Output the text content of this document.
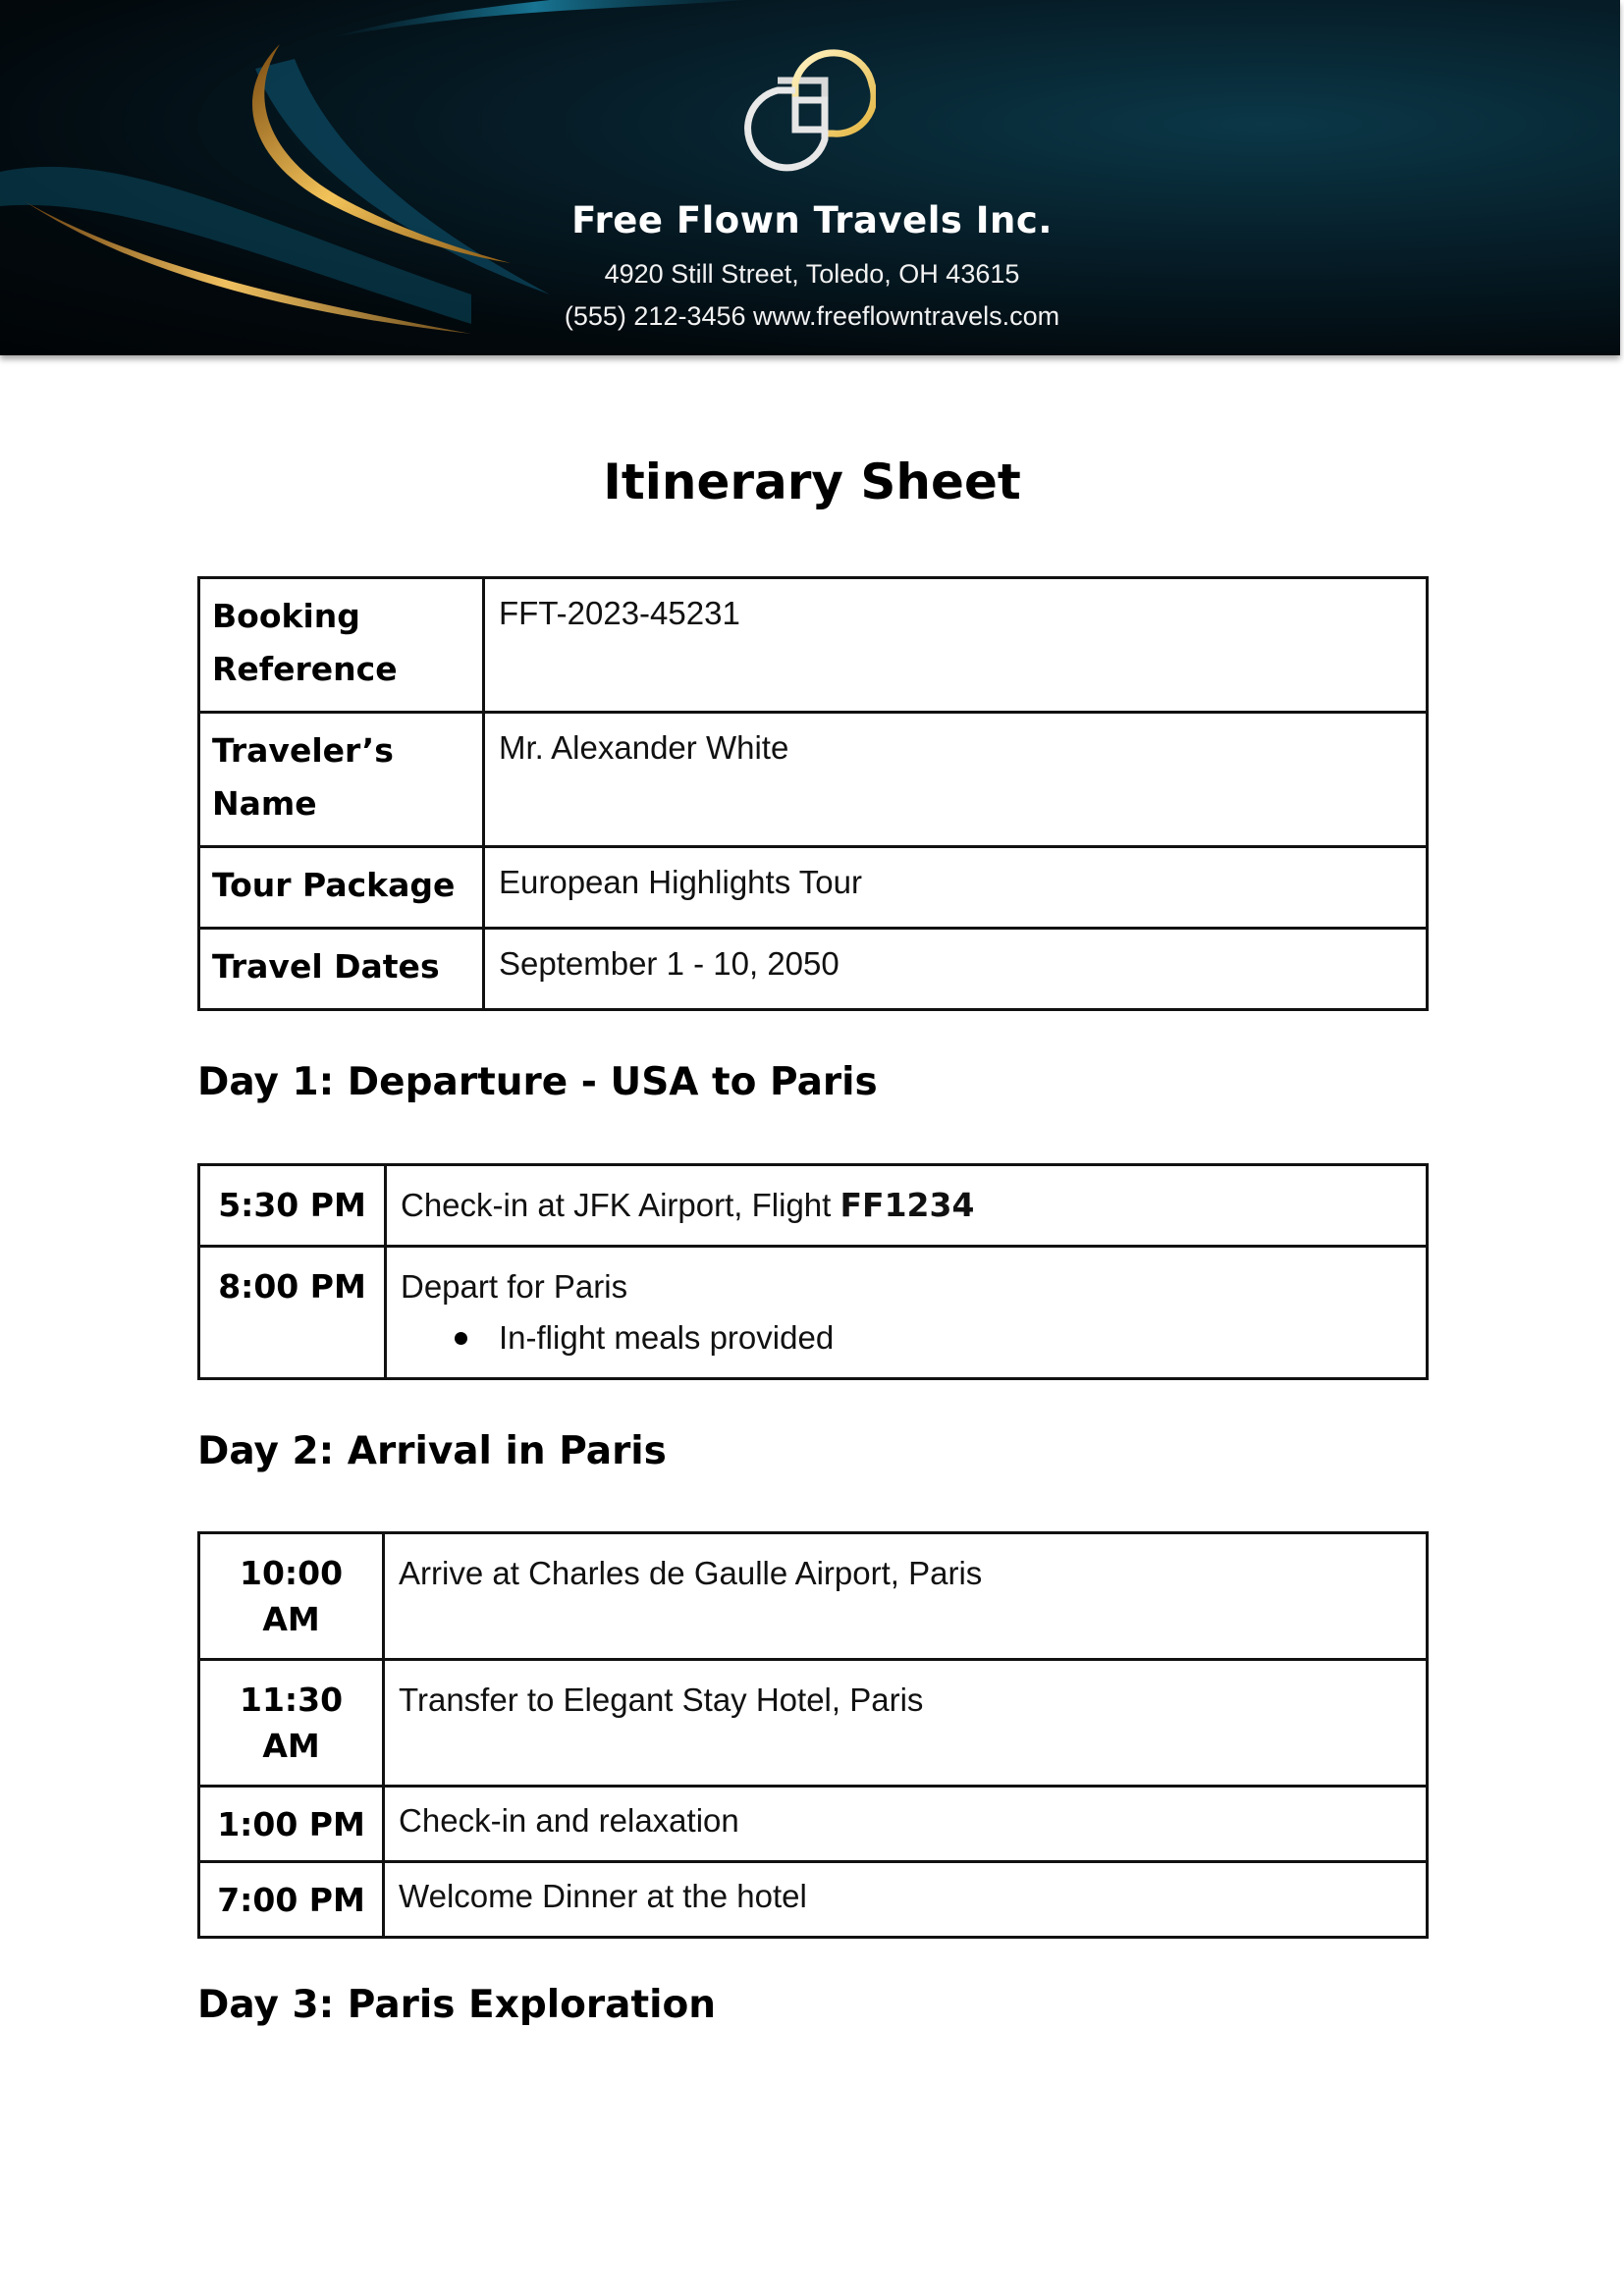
Free Flown Travels Inc.
4920 Still Street, Toledo, OH 43615
(555) 212-3456 www.freeflowntravels.com
Itinerary Sheet
Booking Reference	FFT-2023-45231
Traveler’s Name	Mr. Alexander White
Tour Package	European Highlights Tour
Travel Dates	September 1 - 10, 2050
Day 1: Departure - USA to Paris
5:30 PM	Check-in at JFK Airport, Flight FF1234
8:00 PM	Depart for Paris
In-flight meals provided
Day 2: Arrival in Paris
10:00 AM	Arrive at Charles de Gaulle Airport, Paris
11:30 AM	Transfer to Elegant Stay Hotel, Paris
1:00 PM	Check-in and relaxation
7:00 PM	Welcome Dinner at the hotel
Day 3: Paris Exploration
